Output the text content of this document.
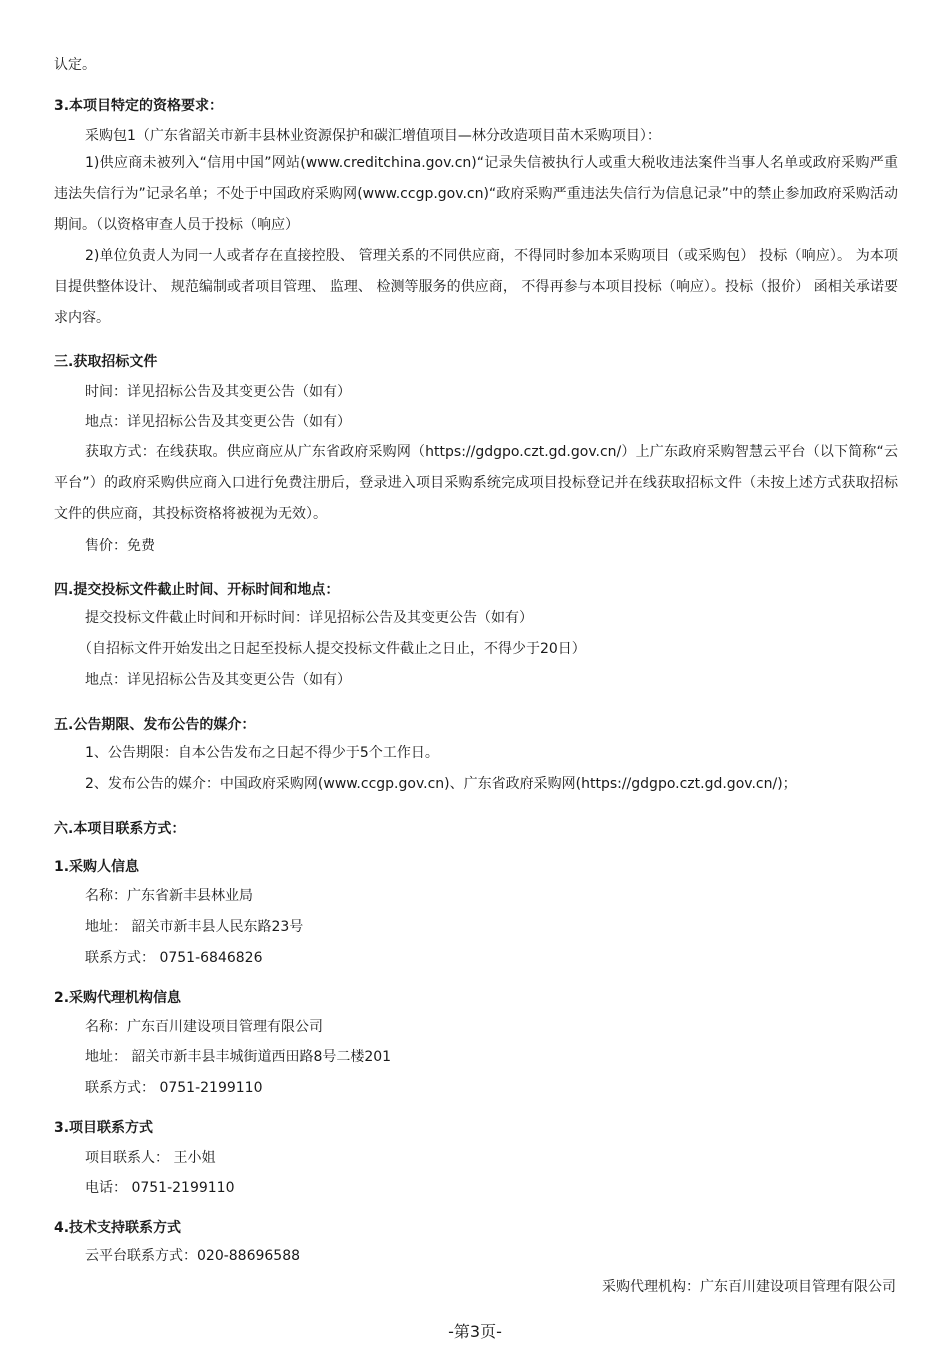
认定。
3.本项目特定的资格要求：
采购包1（广东省韶关市新丰县林业资源保护和碳汇增值项目—林分改造项目苗木采购项目）：
1)供应商未被列入“信用中国”网站(www.creditchina.gov.cn)“记录失信被执行人或重大税收违法案件当事人名单或政府采购严重违法失信行为”记录名单；不处于中国政府采购网(www.ccgp.gov.cn)“政府采购严重违法失信行为信息记录”中的禁止参加政府采购活动期间。（以资格审查人员于投标（响应）
2)单位负责人为同一人或者存在直接控股、 管理关系的不同供应商，不得同时参加本采购项目（或采购包） 投标（响应）。 为本项目提供整体设计、 规范编制或者项目管理、 监理、 检测等服务的供应商， 不得再参与本项目投标（响应）。投标（报价） 函相关承诺要求内容。
三.获取招标文件
时间：详见招标公告及其变更公告（如有）
地点：详见招标公告及其变更公告（如有）
获取方式：在线获取。供应商应从广东省政府采购网（https://gdgpo.czt.gd.gov.cn/）上广东政府采购智慧云平台（以下简称“云平台”）的政府采购供应商入口进行免费注册后，登录进入项目采购系统完成项目投标登记并在线获取招标文件（未按上述方式获取招标文件的供应商，其投标资格将被视为无效）。
售价：免费
四.提交投标文件截止时间、开标时间和地点：
提交投标文件截止时间和开标时间：详见招标公告及其变更公告（如有）
（自招标文件开始发出之日起至投标人提交投标文件截止之日止，不得少于20日）
地点：详见招标公告及其变更公告（如有）
五.公告期限、发布公告的媒介：
1、公告期限：自本公告发布之日起不得少于5个工作日。
2、发布公告的媒介：中国政府采购网(www.ccgp.gov.cn)、广东省政府采购网(https://gdgpo.czt.gd.gov.cn/)；
六.本项目联系方式：
1.采购人信息
名称：广东省新丰县林业局
地址： 韶关市新丰县人民东路23号
联系方式： 0751-6846826
2.采购代理机构信息
名称：广东百川建设项目管理有限公司
地址： 韶关市新丰县丰城街道西田路8号二楼201
联系方式： 0751-2199110
3.项目联系方式
项目联系人： 王小姐
电话： 0751-2199110
4.技术支持联系方式
云平台联系方式：020-88696588
采购代理机构：广东百川建设项目管理有限公司
-第3页-
